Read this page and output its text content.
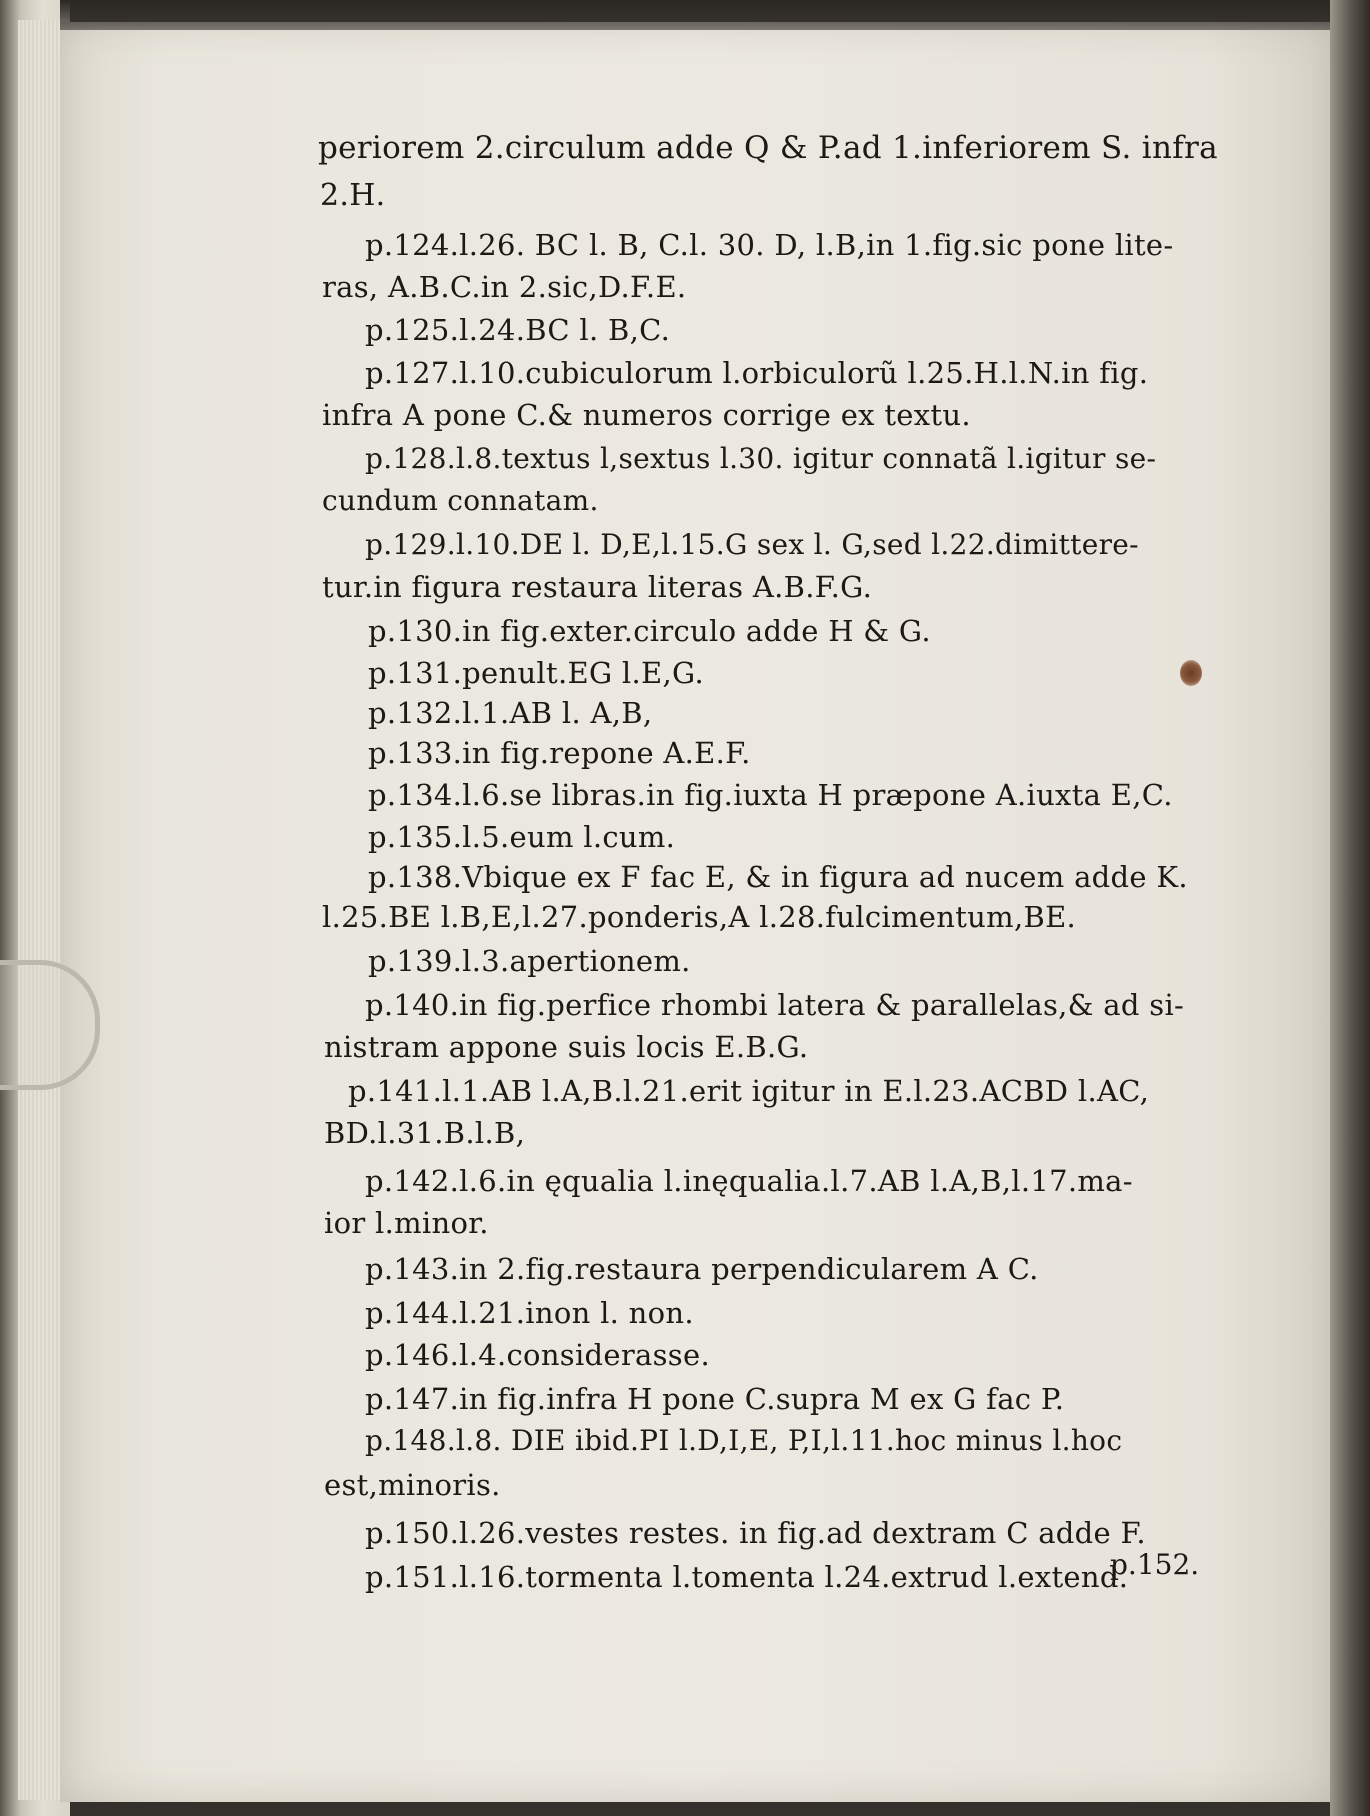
periorem 2.circulum adde Q & P.ad 1.inferiorem S. infra
2.H.
p.124.l.26. BC l. B, C.l. 30. D, l.B,in 1.fig.sic pone lite-
ras, A.B.C.in 2.sic,D.F.E.
p.125.l.24.BC l. B,C.
p.127.l.10.cubiculorum l.orbiculorũ l.25.H.l.N.in fig.
infra A pone C.& numeros corrige ex textu.
p.128.l.8.textus l,sextus l.30. igitur connatã l.igitur se-
cundum connatam.
p.129.l.10.DE l. D,E,l.15.G sex l. G,sed l.22.dimittere-
tur.in figura restaura literas A.B.F.G.
p.130.in fig.exter.circulo adde H & G.
p.131.penult.EG l.E,G.
p.132.l.1.AB l. A,B,
p.133.in fig.repone A.E.F.
p.134.l.6.se libras.in fig.iuxta H præpone A.iuxta E,C.
p.135.l.5.eum l.cum.
p.138.Vbique ex F fac E, & in figura ad nucem adde K.
l.25.BE l.B,E,l.27.ponderis,A l.28.fulcimentum,BE.
p.139.l.3.apertionem.
p.140.in fig.perfice rhombi latera & parallelas,& ad si-
nistram appone suis locis E.B.G.
p.141.l.1.AB l.A,B.l.21.erit igitur in E.l.23.ACBD l.AC,
BD.l.31.B.l.B,
p.142.l.6.in ęqualia l.inęqualia.l.7.AB l.A,B,l.17.ma-
ior l.minor.
p.143.in 2.fig.restaura perpendicularem A C.
p.144.l.21.inon l. non.
p.146.l.4.considerasse.
p.147.in fig.infra H pone C.supra M ex G fac P.
p.148.l.8. DIE ibid.PI l.D,I,E, P,I,l.11.hoc minus l.hoc
est,minoris.
p.150.l.26.vestes restes. in fig.ad dextram C adde F.
p.151.l.16.tormenta l.tomenta l.24.extrud l.extend.
p.152.
